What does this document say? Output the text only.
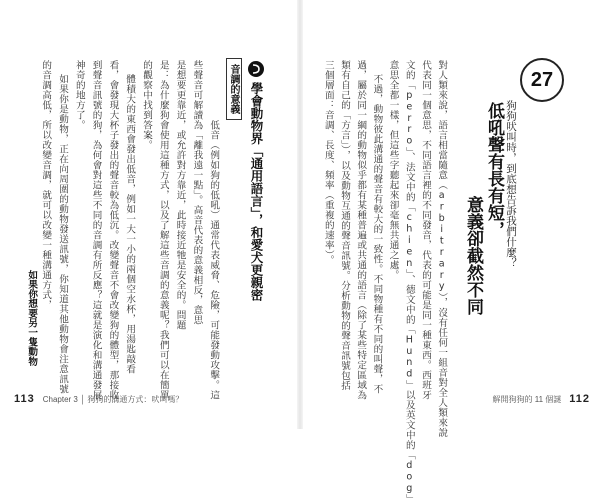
27
狗狗吠叫時，到底想告訴我們什麼？
低吼聲有長有短，
意義卻截然不同
對人類來說，語言相當隨意（arbitrary），沒有任何一組音對全人類來說
代表同一個意思，不同語言裡的不同發音，代表的可能是同一種東西。西班牙
文的「perro」、法文中的「chien」、德文中的「Hund」以及英文中的「dog」
意思全都一樣，但這些字聽起來卻毫無共通之處。
不過，動物彼此溝通的聲音有較大的一致性。不同物種有不同的叫聲，不
過，屬於同一綱的動物似乎都有某種普遍或共通的語言（除了某些特定區域為
類有自己的「方言」），以及動物互通的聲音訊號。分析動物的聲音訊號包括
三個層面：音調、長度、頻率（重複的速率）。
學會動物界「通用語言」，和愛犬更親密
音調的意義
低音（例如狗的低吼）通常代表威脅、危險，可能發動攻擊。這
些聲音可解讀為「離我遠一點」。高音代表的意義相反，意思
是想要更靠近，或允許對方靠近，此時接近牠是安全的。問題
是：為什麼狗會使用這種方式，以及了解這些音調的意義呢？我們可以在簡單
的觀察中找到答案。
體積大的東西會發出低音，例如一大一小的兩個空水杯，用湯匙敲看
看，會發現大杯子發出的聲音較為低沉。改變聲音不會改變狗的體型，那接收
到聲音訊號的狗，為何會對這些不同的音調有所反應？這就是演化和溝通發展
神奇的地方了。
如果你是動物，正在向周圍的動物發送訊號，你知道其他動物會注意訊號
的音調高低，所以改變音調，就可以改變一種溝通方式，
如果你想要另一隻動物
113 Chapter 3 │ 狗狗的溝通方式：吠叫嗎？	解開狗狗的 11 個謎 112
